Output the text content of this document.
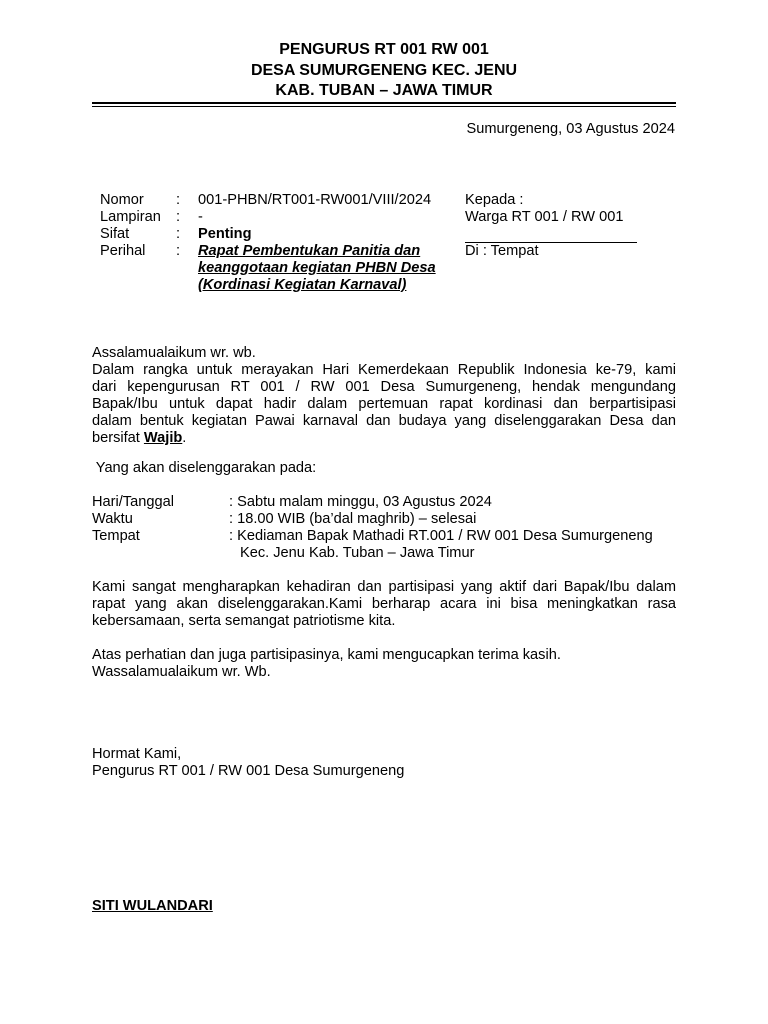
PENGURUS RT 001 RW 001
DESA SUMURGENENG KEC. JENU
KAB. TUBAN – JAWA TIMUR
Sumurgeneng, 03 Agustus 2024
Nomor	:	001-PHBN/RT001-RW001/VIII/2024
Lampiran	:	-
Sifat	:	Penting
Perihal	:	Rapat Pembentukan Panitia dan
keanggotaan kegiatan PHBN Desa
(Kordinasi Kegiatan Karnaval)
Kepada :
Warga RT 001 / RW 001
Di : Tempat
Assalamualaikum wr. wb.
Dalam rangka untuk merayakan Hari Kemerdekaan Republik Indonesia ke-79, kami
dari kepengurusan RT 001 / RW 001 Desa Sumurgeneng, hendak mengundang
Bapak/Ibu untuk dapat hadir dalam pertemuan rapat kordinasi dan berpartisipasi
dalam bentuk kegiatan Pawai karnaval dan budaya yang diselenggarakan Desa dan
bersifat Wajib.
Yang akan diselenggarakan pada:
Hari/Tanggal	: Sabtu malam minggu, 03 Agustus 2024
Waktu	: 18.00 WIB (ba’dal maghrib) – selesai
Tempat	: Kediaman Bapak Mathadi RT.001 / RW 001 Desa Sumurgeneng
Kec. Jenu Kab. Tuban – Jawa Timur
Kami sangat mengharapkan kehadiran dan partisipasi yang aktif dari Bapak/Ibu dalam
rapat yang akan diselenggarakan.Kami berharap acara ini bisa meningkatkan rasa
kebersamaan, serta semangat patriotisme kita.
Atas perhatian dan juga partisipasinya, kami mengucapkan terima kasih.
Wassalamualaikum wr. Wb.
Hormat Kami,
Pengurus RT 001 / RW 001 Desa Sumurgeneng
SITI WULANDARI
